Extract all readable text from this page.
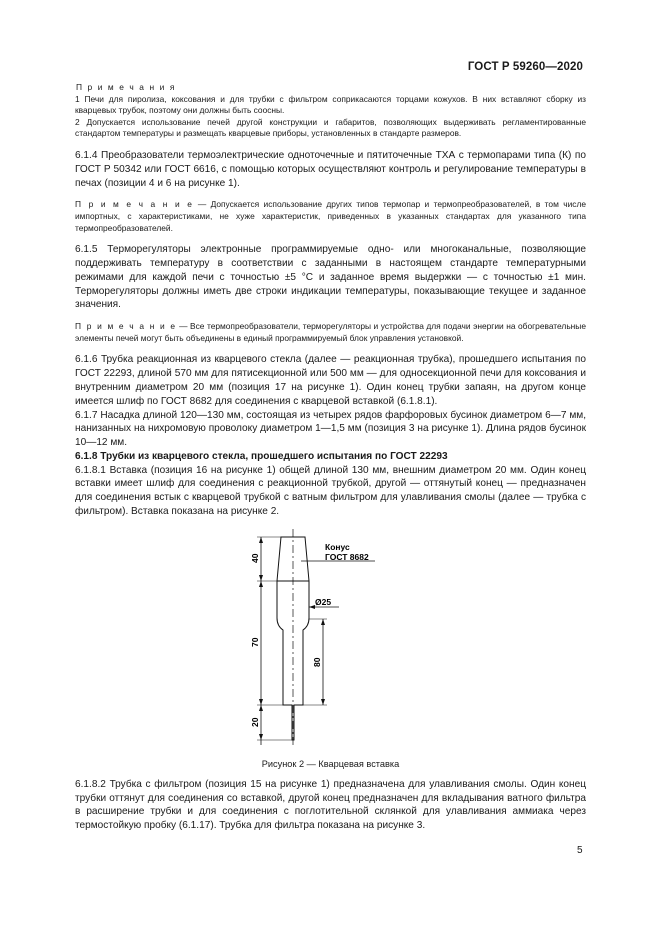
ГОСТ Р 59260—2020

П р и м е ч а н и я

1 Печи для пиролиза, коксования и для трубки с фильтром соприкасаются торцами кожухов. В них вставляют сборку из кварцевых трубок, поэтому они должны быть соосны.

2 Допускается использование печей другой конструкции и габаритов, позволяющих выдерживать регламентированные стандартом температуры и размещать кварцевые приборы, установленных в стандарте размеров.

6.1.4 Преобразователи термоэлектрические одноточечные и пятиточечные ТХА с термопарами типа (К) по ГОСТ Р 50342 или ГОСТ 6616, с помощью которых осуществляют контроль и регулирование температуры в печах (позиции 4 и 6 на рисунке 1).

П р и м е ч а н и е — Допускается использование других типов термопар и термопреобразователей, в том числе импортных, с характеристиками, не хуже характеристик, приведенных в указанных стандартах для указанного типа термопреобразователей.

6.1.5 Терморегуляторы электронные программируемые одно- или многоканальные, позволяющие поддерживать температуру в соответствии с заданными в настоящем стандарте температурными режимами для каждой печи с точностью ±5 °С и заданное время выдержки — с точностью ±1 мин. Терморегуляторы должны иметь две строки индикации температуры, показывающие текущее и заданное значения.

П р и м е ч а н и е — Все термопреобразователи, терморегуляторы и устройства для подачи энергии на обогревательные элементы печей могут быть объединены в единый программируемый блок управления установкой.

6.1.6 Трубка реакционная из кварцевого стекла (далее — реакционная трубка), прошедшего испытания по ГОСТ 22293, длиной 570 мм для пятисекционной или 500 мм — для односекционной печи для коксования и внутренним диаметром 20 мм (позиция 17 на рисунке 1). Один конец трубки запаян, на другом конце имеется шлиф по ГОСТ 8682 для соединения с кварцевой вставкой (6.1.8.1).

6.1.7 Насадка длиной 120—130 мм, состоящая из четырех рядов фарфоровых бусинок диаметром 6—7 мм, нанизанных на нихромовую проволоку диаметром 1—1,5 мм (позиция 3 на рисунке 1). Длина рядов бусинок 10—12 мм.

6.1.8 Трубки из кварцевого стекла, прошедшего испытания по ГОСТ 22293

6.1.8.1 Вставка (позиция 16 на рисунке 1) общей длиной 130 мм, внешним диаметром 20 мм. Один конец вставки имеет шлиф для соединения с реакционной трубкой, другой — оттянутый конец — предназначен для соединения встык с кварцевой трубкой с ватным фильтром для улавливания смолы (далее — трубка с фильтром). Вставка показана на рисунке 2.

Конус
ГОСТ 8682
Ø25
40
70
20
80

Рисунок 2 — Кварцевая вставка

6.1.8.2 Трубка с фильтром (позиция 15 на рисунке 1) предназначена для улавливания смолы. Один конец трубки оттянут для соединения со вставкой, другой конец предназначен для вкладывания ватного фильтра в расширение трубки и для соединения с поглотительной склянкой для улавливания аммиака через термостойкую пробку (6.1.17). Трубка для фильтра показана на рисунке 3.

5
